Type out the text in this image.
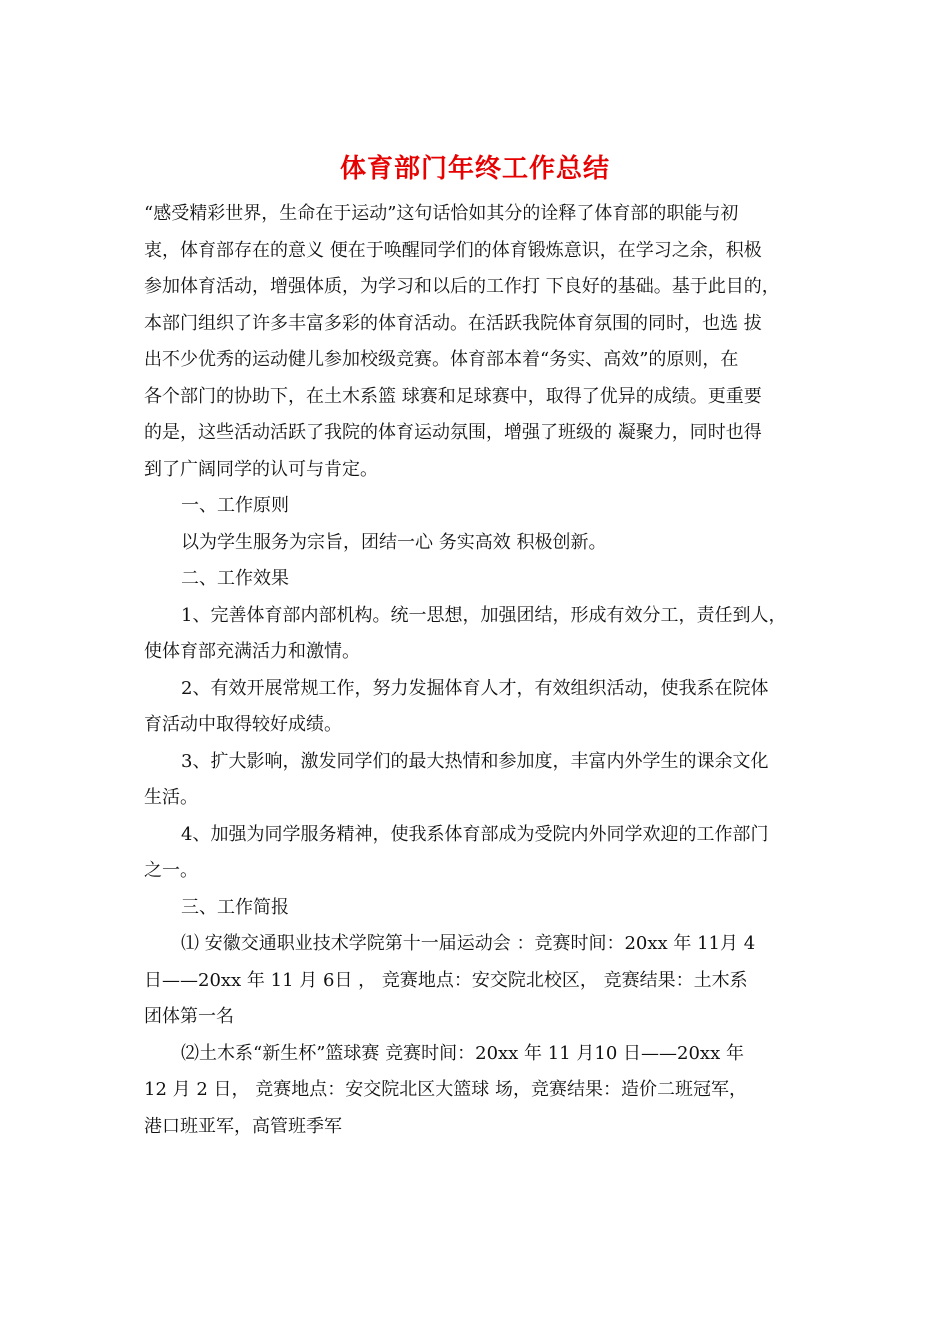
体育部门年终工作总结
“感受精彩世界，生命在于运动”这句话恰如其分的诠释了体育部的职能与初
衷，体育部存在的意义 便在于唤醒同学们的体育锻炼意识，在学习之余，积极
参加体育活动，增强体质，为学习和以后的工作打 下良好的基础。基于此目的，
本部门组织了许多丰富多彩的体育活动。在活跃我院体育氛围的同时，也选 拔
出不少优秀的运动健儿参加校级竞赛。体育部本着“务实、高效”的原则，在
各个部门的协助下，在土木系篮 球赛和足球赛中，取得了优异的成绩。更重要
的是，这些活动活跃了我院的体育运动氛围，增强了班级的 凝聚力，同时也得
到了广阔同学的认可与肯定。
一、工作原则
以为学生服务为宗旨，团结一心 务实高效 积极创新。
二、工作效果
1、完善体育部内部机构。统一思想，加强团结，形成有效分工，责任到人，
使体育部充满活力和激情。
2、有效开展常规工作，努力发掘体育人才，有效组织活动，使我系在院体
育活动中取得较好成绩。
3、扩大影响，激发同学们的最大热情和参加度，丰富内外学生的课余文化
生活。
4、加强为同学服务精神，使我系体育部成为受院内外同学欢迎的工作部门
之一。
三、工作简报
⑴ 安徽交通职业技术学院第十一届运动会 ：竞赛时间：20xx 年 11月 4
日——20xx 年 11 月 6日 ， 竞赛地点：安交院北校区， 竞赛结果：土木系
团体第一名
⑵土木系“新生杯”篮球赛 竞赛时间：20xx 年 11 月10 日——20xx 年
12 月 2 日， 竞赛地点：安交院北区大篮球 场，竞赛结果：造价二班冠军，
港口班亚军，高管班季军
